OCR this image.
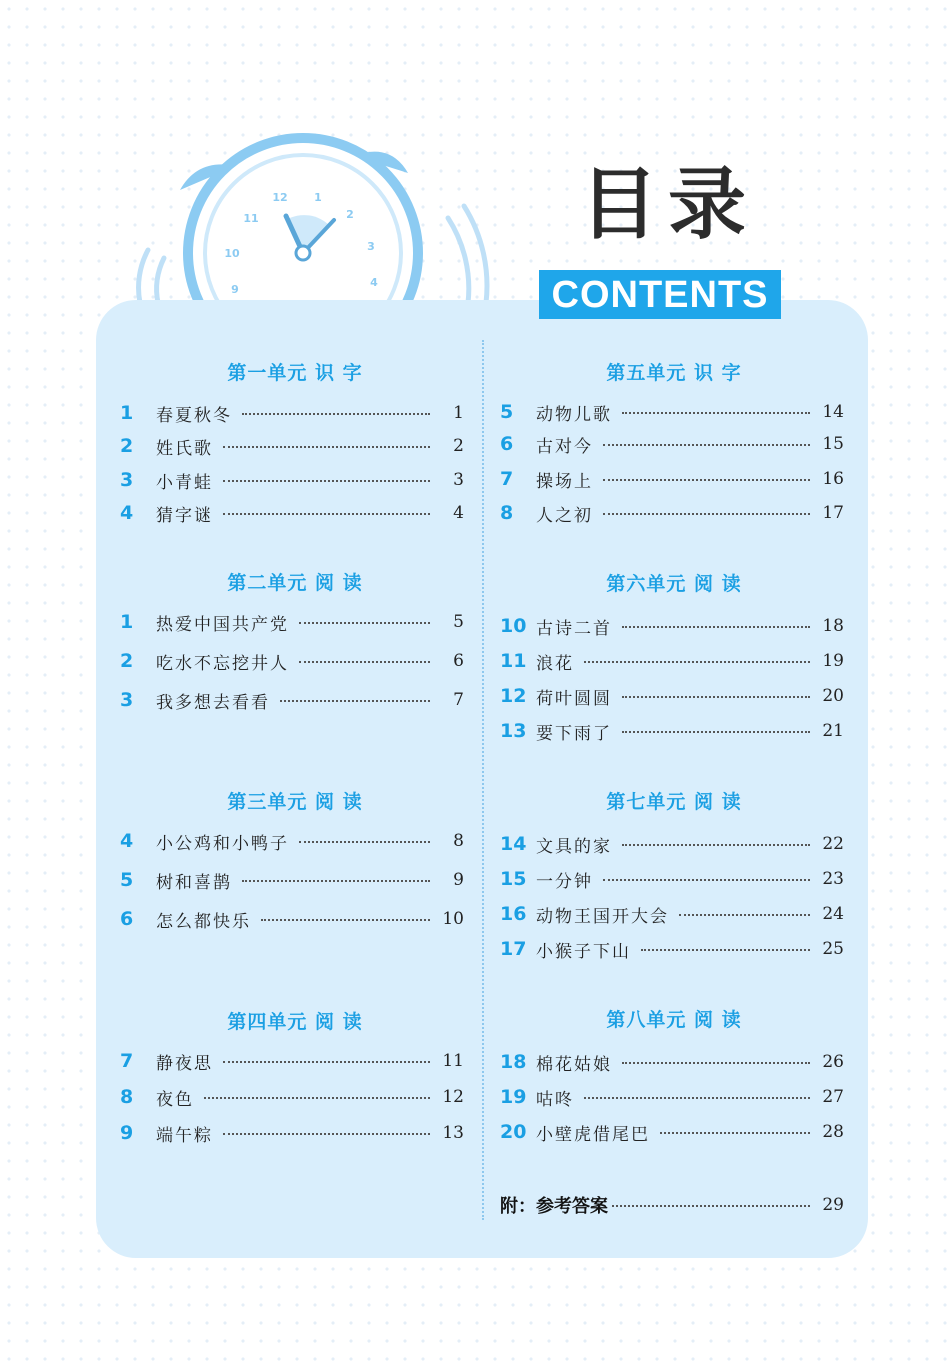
12 1
2
3
4
9
10
11	目录
CONTENTS
第一单元 识 字
1	春夏秋冬	1
2	姓氏歌	2
3	小青蛙	3
4	猜字谜	4
第二单元 阅 读
1	热爱中国共产党	5
2	吃水不忘挖井人	6
3	我多想去看看	7
第三单元 阅 读
4	小公鸡和小鸭子	8
5	树和喜鹊	9
6	怎么都快乐	10
第四单元 阅 读
7	静夜思	11
8	夜色	12
9	端午粽	13
第五单元 识 字
5	动物儿歌	14
6	古对今	15
7	操场上	16
8	人之初	17
第六单元 阅 读
10 古诗二首	18
11 浪花	19
12 荷叶圆圆	20
13 要下雨了	21
第七单元 阅 读
14 文具的家	22
15 一分钟	23
16 动物王国开大会	24
17 小猴子下山	25
第八单元 阅 读
18 棉花姑娘	26
19 咕咚	27
20 小壁虎借尾巴	28
附：参考答案	29
